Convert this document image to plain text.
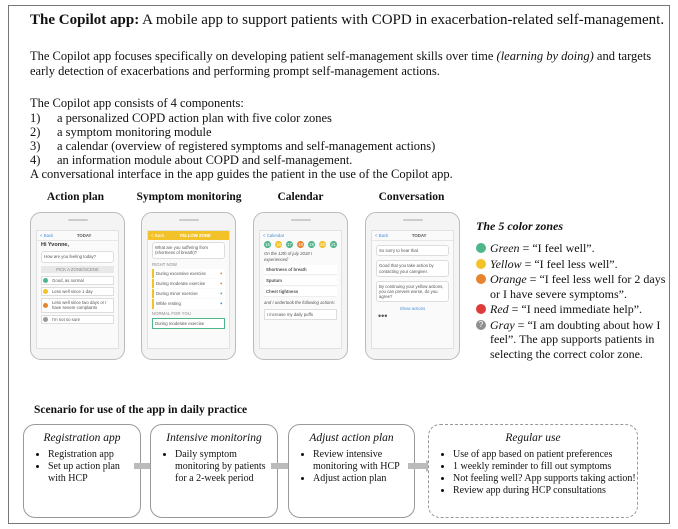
The Copilot app: A mobile app to support patients with COPD in exacerbation-related self-management.
The Copilot app focuses specifically on developing patient self-management skills over time (learning by doing) and targets early detection of exacerbations and performing prompt self-management actions.
The Copilot app consists of 4 components:
1) a personalized COPD action plan with five color zones
2) a symptom monitoring module
3) a calendar (overview of registered symptoms and self-management actions)
4) an information module about COPD and self-management.
A conversational interface in the app guides the patient in the use of the Copilot app.
Action plan	Symptom monitoring	Calendar	Conversation
< Back	TODAY
Hi Yvonne,
How are you feeling today?
PICK A ZONE/SCENE
Good, as normal
Less well since 1 day
Less well since two days or I have severe complaints
I'm not so sure
< Back	YELLOW ZONE
What are you suffering from (shortness of breath)?
RIGHT NOW
During excessive exercise	✦
During moderate exercise	✦
During minor exercise	✦
While resting	✦
NORMAL FOR YOU
During moderate exercise
< Calendar
15 16 17 18 19 20 21
On the 12th of july 2018 I experienced:
Shortness of breath
Sputum
Chest tightness
and I undertook the following actions:
I increase my daily puffs
< Back	TODAY
So sorry to hear that
Good that you take action by contacting your caregiver.
By continuing your yellow actions, you can prevent worse, do you agree?
Show actions
•••
The 5 color zones
Green = “I feel well”.
Yellow = “I feel less well”.
Orange = “I feel less well for 2 days or I have severe symptoms”.
Red = “I need immediate help”.
? Gray = “I am doubting about how I feel”. The app supports patients in selecting the correct color zone.
Scenario for use of the app in daily practice
Registration app
• Registration app
• Set up action plan with HCP
Intensive monitoring
• Daily symptom monitoring by patients for a 2-week period
Adjust action plan
• Review intensive monitoring with HCP
• Adjust action plan
Regular use
• Use of app based on patient preferences
• 1 weekly reminder to fill out symptoms
• Not feeling well? App supports taking action!
• Review app during HCP consultations
